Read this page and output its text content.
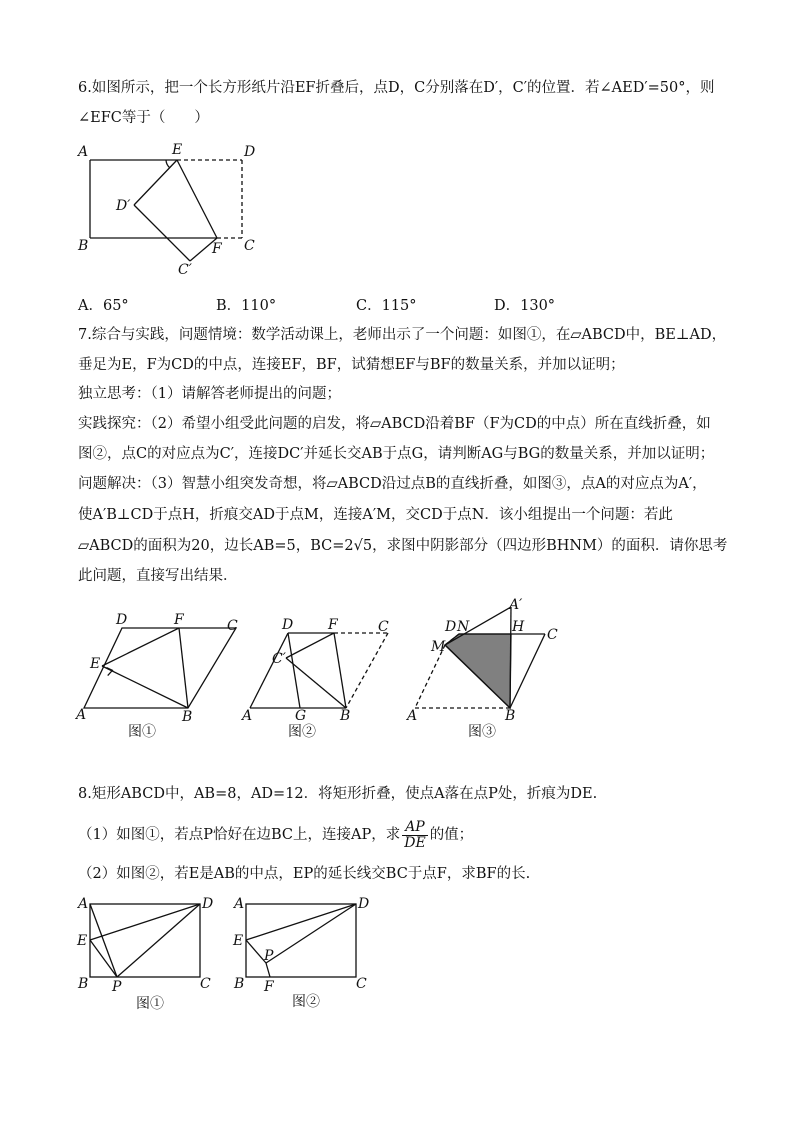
6.如图所示，把一个长方形纸片沿EF折叠后，点D，C分别落在D′，C′的位置．若∠AED′=50°，则
∠EFC等于（　　）
A	E	D
D′
B	F C
C′
A．65°	B．110°	C．115°	D．130°
7.综合与实践，问题情境：数学活动课上，老师出示了一个问题：如图①，在▱ABCD中，BE⊥AD，
垂足为E，F为CD的中点，连接EF，BF，试猜想EF与BF的数量关系，并加以证明；
独立思考：（1）请解答老师提出的问题；
实践探究：（2）希望小组受此问题的启发，将▱ABCD沿着BF（F为CD的中点）所在直线折叠，如
图②，点C的对应点为C′，连接DC′并延长交AB于点G，请判断AG与BG的数量关系，并加以证明；
问题解决：（3）智慧小组突发奇想，将▱ABCD沿过点B的直线折叠，如图③，点A的对应点为A′，
使A′B⊥CD于点H，折痕交AD于点M，连接A′M，交CD于点N．该小组提出一个问题：若此
▱ABCD的面积为20，边长AB=5，BC=2√5，求图中阴影部分（四边形BHNM）的面积．请你思考
此问题，直接写出结果．
D	F	C
E
A	B
图①
D F	C
C′
A	G B
图②
A′
D N	H C
M
A	B
图③
8.矩形ABCD中，AB=8，AD=12．将矩形折叠，使点A落在点P处，折痕为DE.
（1）如图①，若点P恰好在边BC上，连接AP，求 $\frac{AP}{DE}$ 的值；
（2）如图②，若E是AB的中点，EP的延长线交BC于点F，求BF的长.
A	D
E
B P	C
图①
A	D
E
P
B F	C
图②
